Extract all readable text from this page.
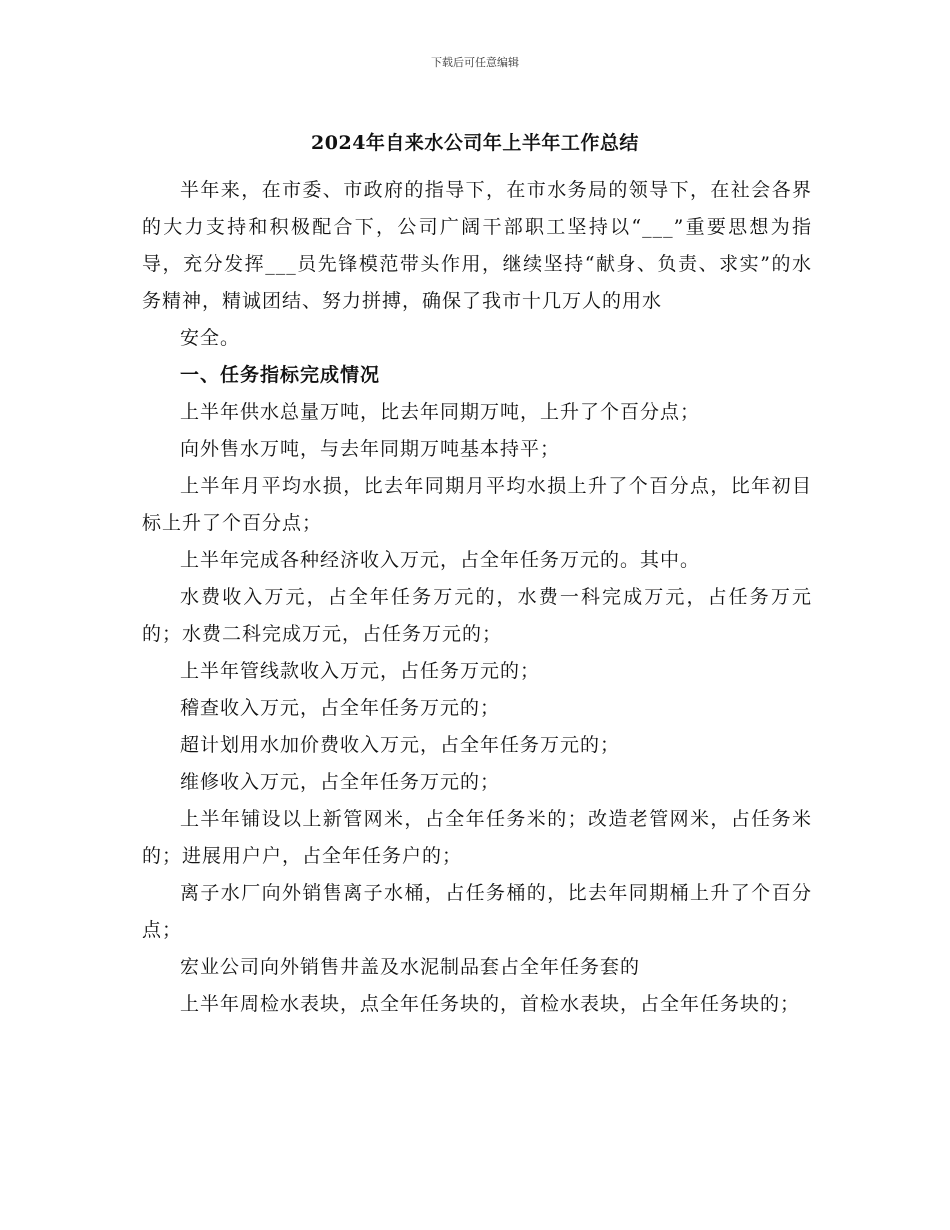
下载后可任意编辑
2024年自来水公司年上半年工作总结

半年来，在市委、市政府的指导下，在市水务局的领导下，在社会各界的大力支持和积极配合下，公司广阔干部职工坚持以“___”重要思想为指导，充分发挥___员先锋模范带头作用，继续坚持“献身、负责、求实”的水务精神，精诚团结、努力拼搏，确保了我市十几万人的用水

安全。

一、任务指标完成情况

上半年供水总量万吨，比去年同期万吨，上升了个百分点；

向外售水万吨，与去年同期万吨基本持平；

上半年月平均水损，比去年同期月平均水损上升了个百分点，比年初目标上升了个百分点；

上半年完成各种经济收入万元，占全年任务万元的。其中。

水费收入万元，占全年任务万元的，水费一科完成万元，占任务万元的；水费二科完成万元，占任务万元的；

上半年管线款收入万元，占任务万元的；

稽查收入万元，占全年任务万元的；

超计划用水加价费收入万元，占全年任务万元的；

维修收入万元，占全年任务万元的；

上半年铺设以上新管网米，占全年任务米的；改造老管网米，占任务米的；进展用户户，占全年任务户的；

离子水厂向外销售离子水桶，占任务桶的，比去年同期桶上升了个百分点；

宏业公司向外销售井盖及水泥制品套占全年任务套的

上半年周检水表块，点全年任务块的，首检水表块，占全年任务块的；
